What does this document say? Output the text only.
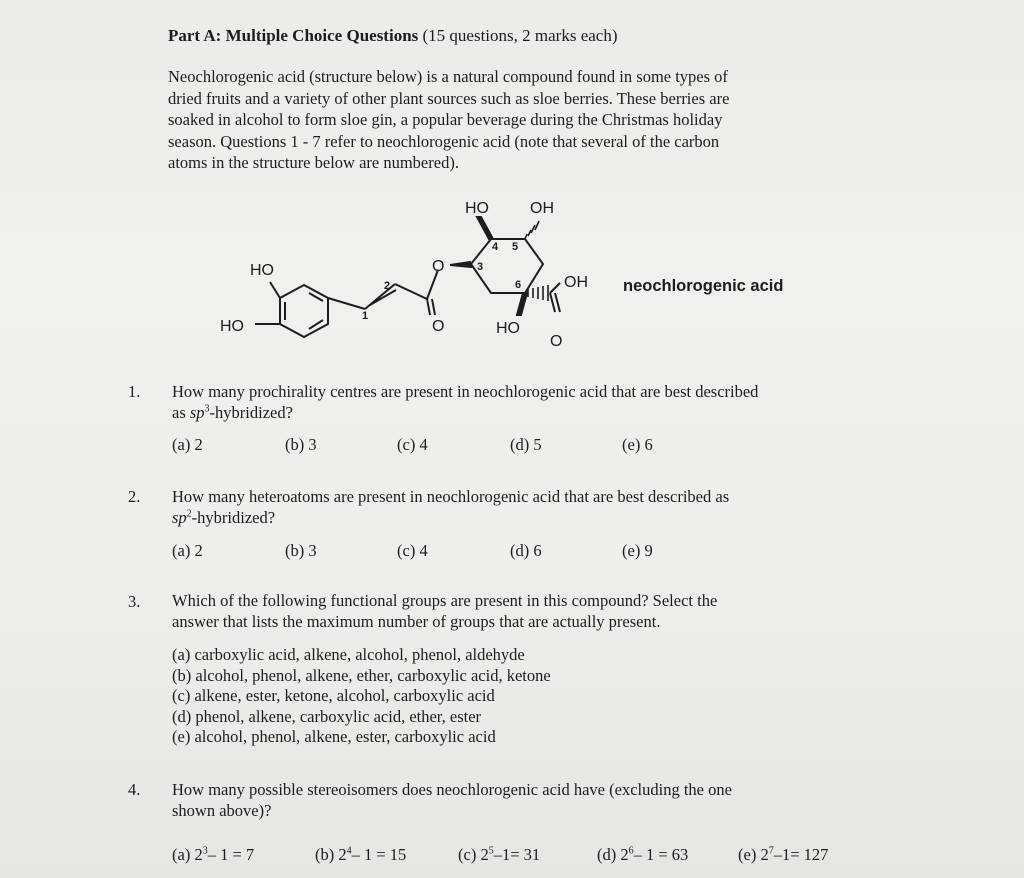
Part A: Multiple Choice Questions (15 questions, 2 marks each)
Neochlorogenic acid (structure below) is a natural compound found in some types of
dried fruits and a variety of other plant sources such as sloe berries. These berries are
soaked in alcohol to form sloe gin, a popular beverage during the Christmas holiday
season. Questions 1 - 7 refer to neochlorogenic acid (note that several of the carbon
atoms in the structure below are numbered).
HO
HO	O
O
HO	OH
OH
O
HO
neochlorogenic acid
1
2
3
4 5
6
1. How many prochirality centres are present in neochlorogenic acid that are best described
as $sp^3$-hybridized?
(a) 2	(b) 3	(c) 4	(d) 5	(e) 6
2. How many heteroatoms are present in neochlorogenic acid that are best described as
$sp^2$-hybridized?
(a) 2	(b) 3	(c) 4	(d) 6	(e) 9
3. Which of the following functional groups are present in this compound? Select the
answer that lists the maximum number of groups that are actually present.
(a) carboxylic acid, alkene, alcohol, phenol, aldehyde
(b) alcohol, phenol, alkene, ether, carboxylic acid, ketone
(c) alkene, ester, ketone, alcohol, carboxylic acid
(d) phenol, alkene, carboxylic acid, ether, ester
(e) alcohol, phenol, alkene, ester, carboxylic acid
4. How many possible stereoisomers does neochlorogenic acid have (excluding the one
shown above)?
(a) $2^3-$ 1 = 7	(b) $2^4-$ 1 = 15	(c) $2^5-1= 31$	(d) $2^6-$ 1 = 63	(e) $2^7-1= 127$
